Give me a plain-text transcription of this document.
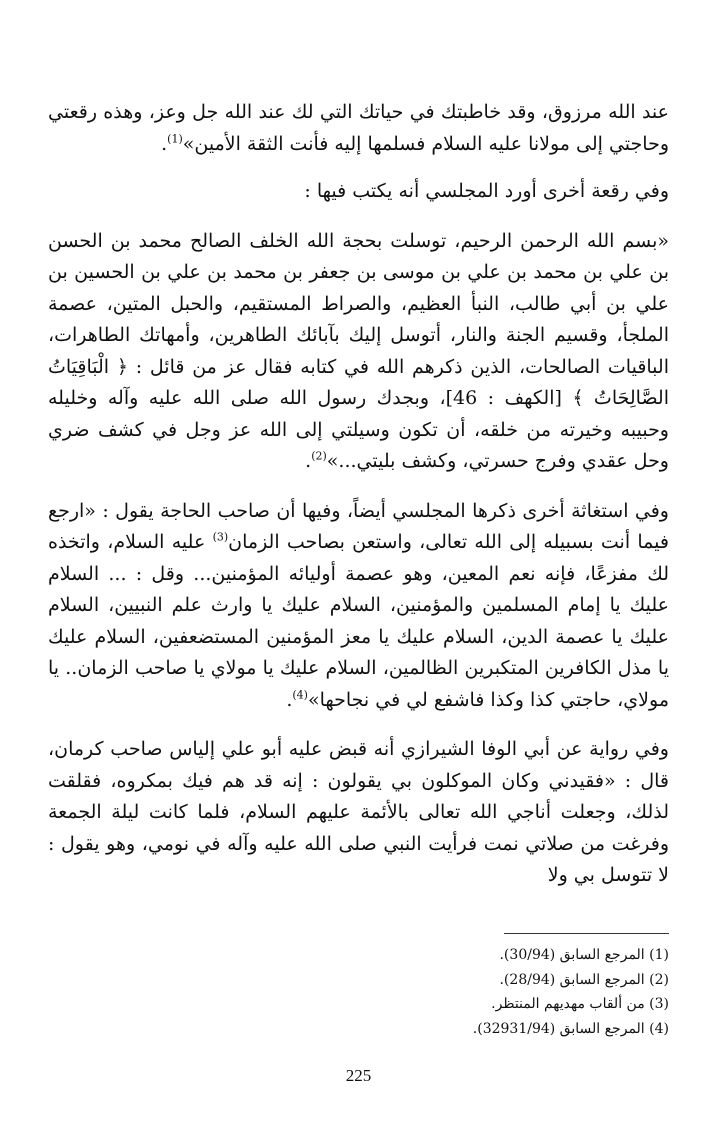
عند الله مرزوق، وقد خاطبتك في حياتك التي لك عند الله جل وعز، وهذه رقعتي وحاجتي إلى مولانا عليه السلام فسلمها إليه فأنت الثقة الأمين»$^{(1)}$.

وفي رقعة أخرى أورد المجلسي أنه يكتب فيها :

«بسم الله الرحمن الرحيم، توسلت بحجة الله الخلف الصالح محمد بن الحسن بن علي بن محمد بن علي بن موسى بن جعفر بن محمد بن علي بن الحسين بن علي بن أبي طالب، النبأ العظيم، والصراط المستقيم، والحبل المتين، عصمة الملجأ، وقسيم الجنة والنار، أتوسل إليك بآبائك الطاهرين، وأمهاتك الطاهرات، الباقيات الصالحات، الذين ذكرهم الله في كتابه فقال عز من قائل : ﴿ الْبَاقِيَاتُ الصَّالِحَاتُ ﴾ [الكهف : 46]، وبجدك رسول الله صلى الله عليه وآله وخليله وحبيبه وخيرته من خلقه، أن تكون وسيلتي إلى الله عز وجل في كشف ضري وحل عقدي وفرج حسرتي، وكشف بليتي...»$^{(2)}$.

وفي استغاثة أخرى ذكرها المجلسي أيضاً، وفيها أن صاحب الحاجة يقول : «ارجع فيما أنت بسبيله إلى الله تعالى، واستعن بصاحب الزمان$^{(3)}$ عليه السلام، واتخذه لك مفزعًا، فإنه نعم المعين، وهو عصمة أوليائه المؤمنين... وقل : ... السلام عليك يا إمام المسلمين والمؤمنين، السلام عليك يا وارث علم النبيين، السلام عليك يا عصمة الدين، السلام عليك يا معز المؤمنين المستضعفين، السلام عليك يا مذل الكافرين المتكبرين الظالمين، السلام عليك يا مولاي يا صاحب الزمان.. يا مولاي، حاجتي كذا وكذا فاشفع لي في نجاحها»$^{(4)}$.

وفي رواية عن أبي الوفا الشيرازي أنه قبض عليه أبو علي إلياس صاحب كرمان، قال : «فقيدني وكان الموكلون بي يقولون : إنه قد هم فيك بمكروه، فقلقت لذلك، وجعلت أناجي الله تعالى بالأئمة عليهم السلام، فلما كانت ليلة الجمعة وفرغت من صلاتي نمت فرأيت النبي صلى الله عليه وآله في نومي، وهو يقول : لا تتوسل بي ولا

(1) المرجع السابق (30/94).

(2) المرجع السابق (28/94).

(3) من ألقاب مهديهم المنتظر.

(4) المرجع السابق (32931/94).

225
